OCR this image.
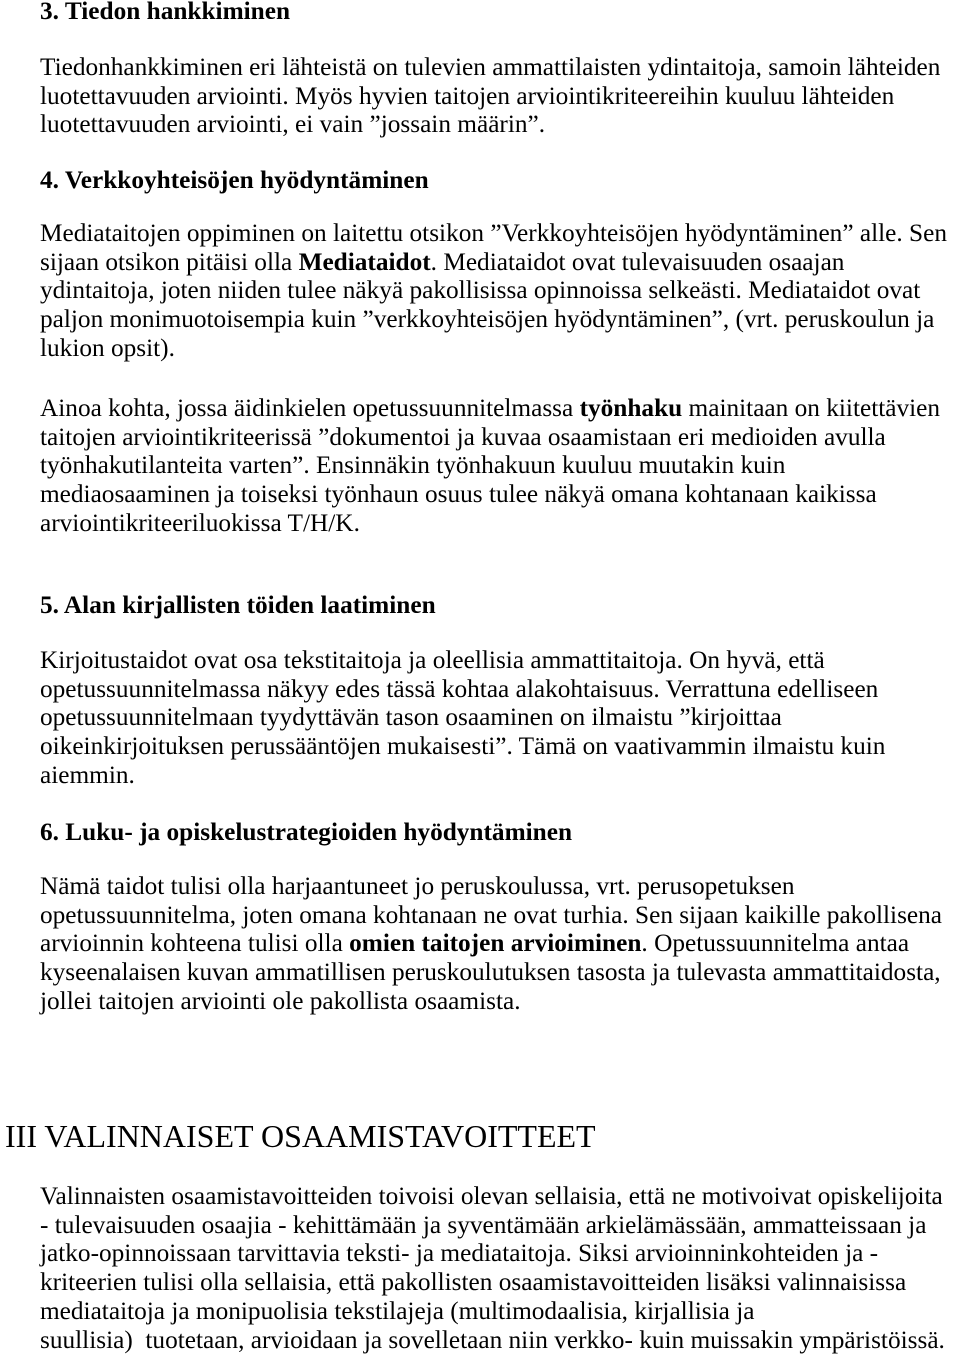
3. Tiedon hankkiminen
Tiedonhankkiminen eri lähteistä on tulevien ammattilaisten ydintaitoja, samoin lähteiden
luotettavuuden arviointi. Myös hyvien taitojen arviointikriteereihin kuuluu lähteiden
luotettavuuden arviointi, ei vain ”jossain määrin”.
4. Verkkoyhteisöjen hyödyntäminen
Mediataitojen oppiminen on laitettu otsikon ”Verkkoyhteisöjen hyödyntäminen” alle. Sen
sijaan otsikon pitäisi olla Mediataidot. Mediataidot ovat tulevaisuuden osaajan
ydintaitoja, joten niiden tulee näkyä pakollisissa opinnoissa selkeästi. Mediataidot ovat
paljon monimuotoisempia kuin ”verkkoyhteisöjen hyödyntäminen”, (vrt. peruskoulun ja
lukion opsit).
Ainoa kohta, jossa äidinkielen opetussuunnitelmassa työnhaku mainitaan on kiitettävien
taitojen arviointikriteerissä ”dokumentoi ja kuvaa osaamistaan eri medioiden avulla
työnhakutilanteita varten”. Ensinnäkin työnhakuun kuuluu muutakin kuin
mediaosaaminen ja toiseksi työnhaun osuus tulee näkyä omana kohtanaan kaikissa
arviointikriteeriluokissa T/H/K.
5. Alan kirjallisten töiden laatiminen
Kirjoitustaidot ovat osa tekstitaitoja ja oleellisia ammattitaitoja. On hyvä, että
opetussuunnitelmassa näkyy edes tässä kohtaa alakohtaisuus. Verrattuna edelliseen
opetussuunnitelmaan tyydyttävän tason osaaminen on ilmaistu ”kirjoittaa
oikeinkirjoituksen perussääntöjen mukaisesti”. Tämä on vaativammin ilmaistu kuin
aiemmin.
6. Luku- ja opiskelustrategioiden hyödyntäminen
Nämä taidot tulisi olla harjaantuneet jo peruskoulussa, vrt. perusopetuksen
opetussuunnitelma, joten omana kohtanaan ne ovat turhia. Sen sijaan kaikille pakollisena
arvioinnin kohteena tulisi olla omien taitojen arvioiminen. Opetussuunnitelma antaa
kyseenalaisen kuvan ammatillisen peruskoulutuksen tasosta ja tulevasta ammattitaidosta,
jollei taitojen arviointi ole pakollista osaamista.
III VALINNAISET OSAAMISTAVOITTEET
Valinnaisten osaamistavoitteiden toivoisi olevan sellaisia, että ne motivoivat opiskelijoita
- tulevaisuuden osaajia - kehittämään ja syventämään arkielämässään, ammatteissaan ja
jatko-opinnoissaan tarvittavia teksti- ja mediataitoja. Siksi arvioinninkohteiden ja -
kriteerien tulisi olla sellaisia, että pakollisten osaamistavoitteiden lisäksi valinnaisissa
mediataitoja ja monipuolisia tekstilajeja (multimodaalisia, kirjallisia ja
suullisia)  tuotetaan, arvioidaan ja sovelletaan niin verkko- kuin muissakin ympäristöissä.
